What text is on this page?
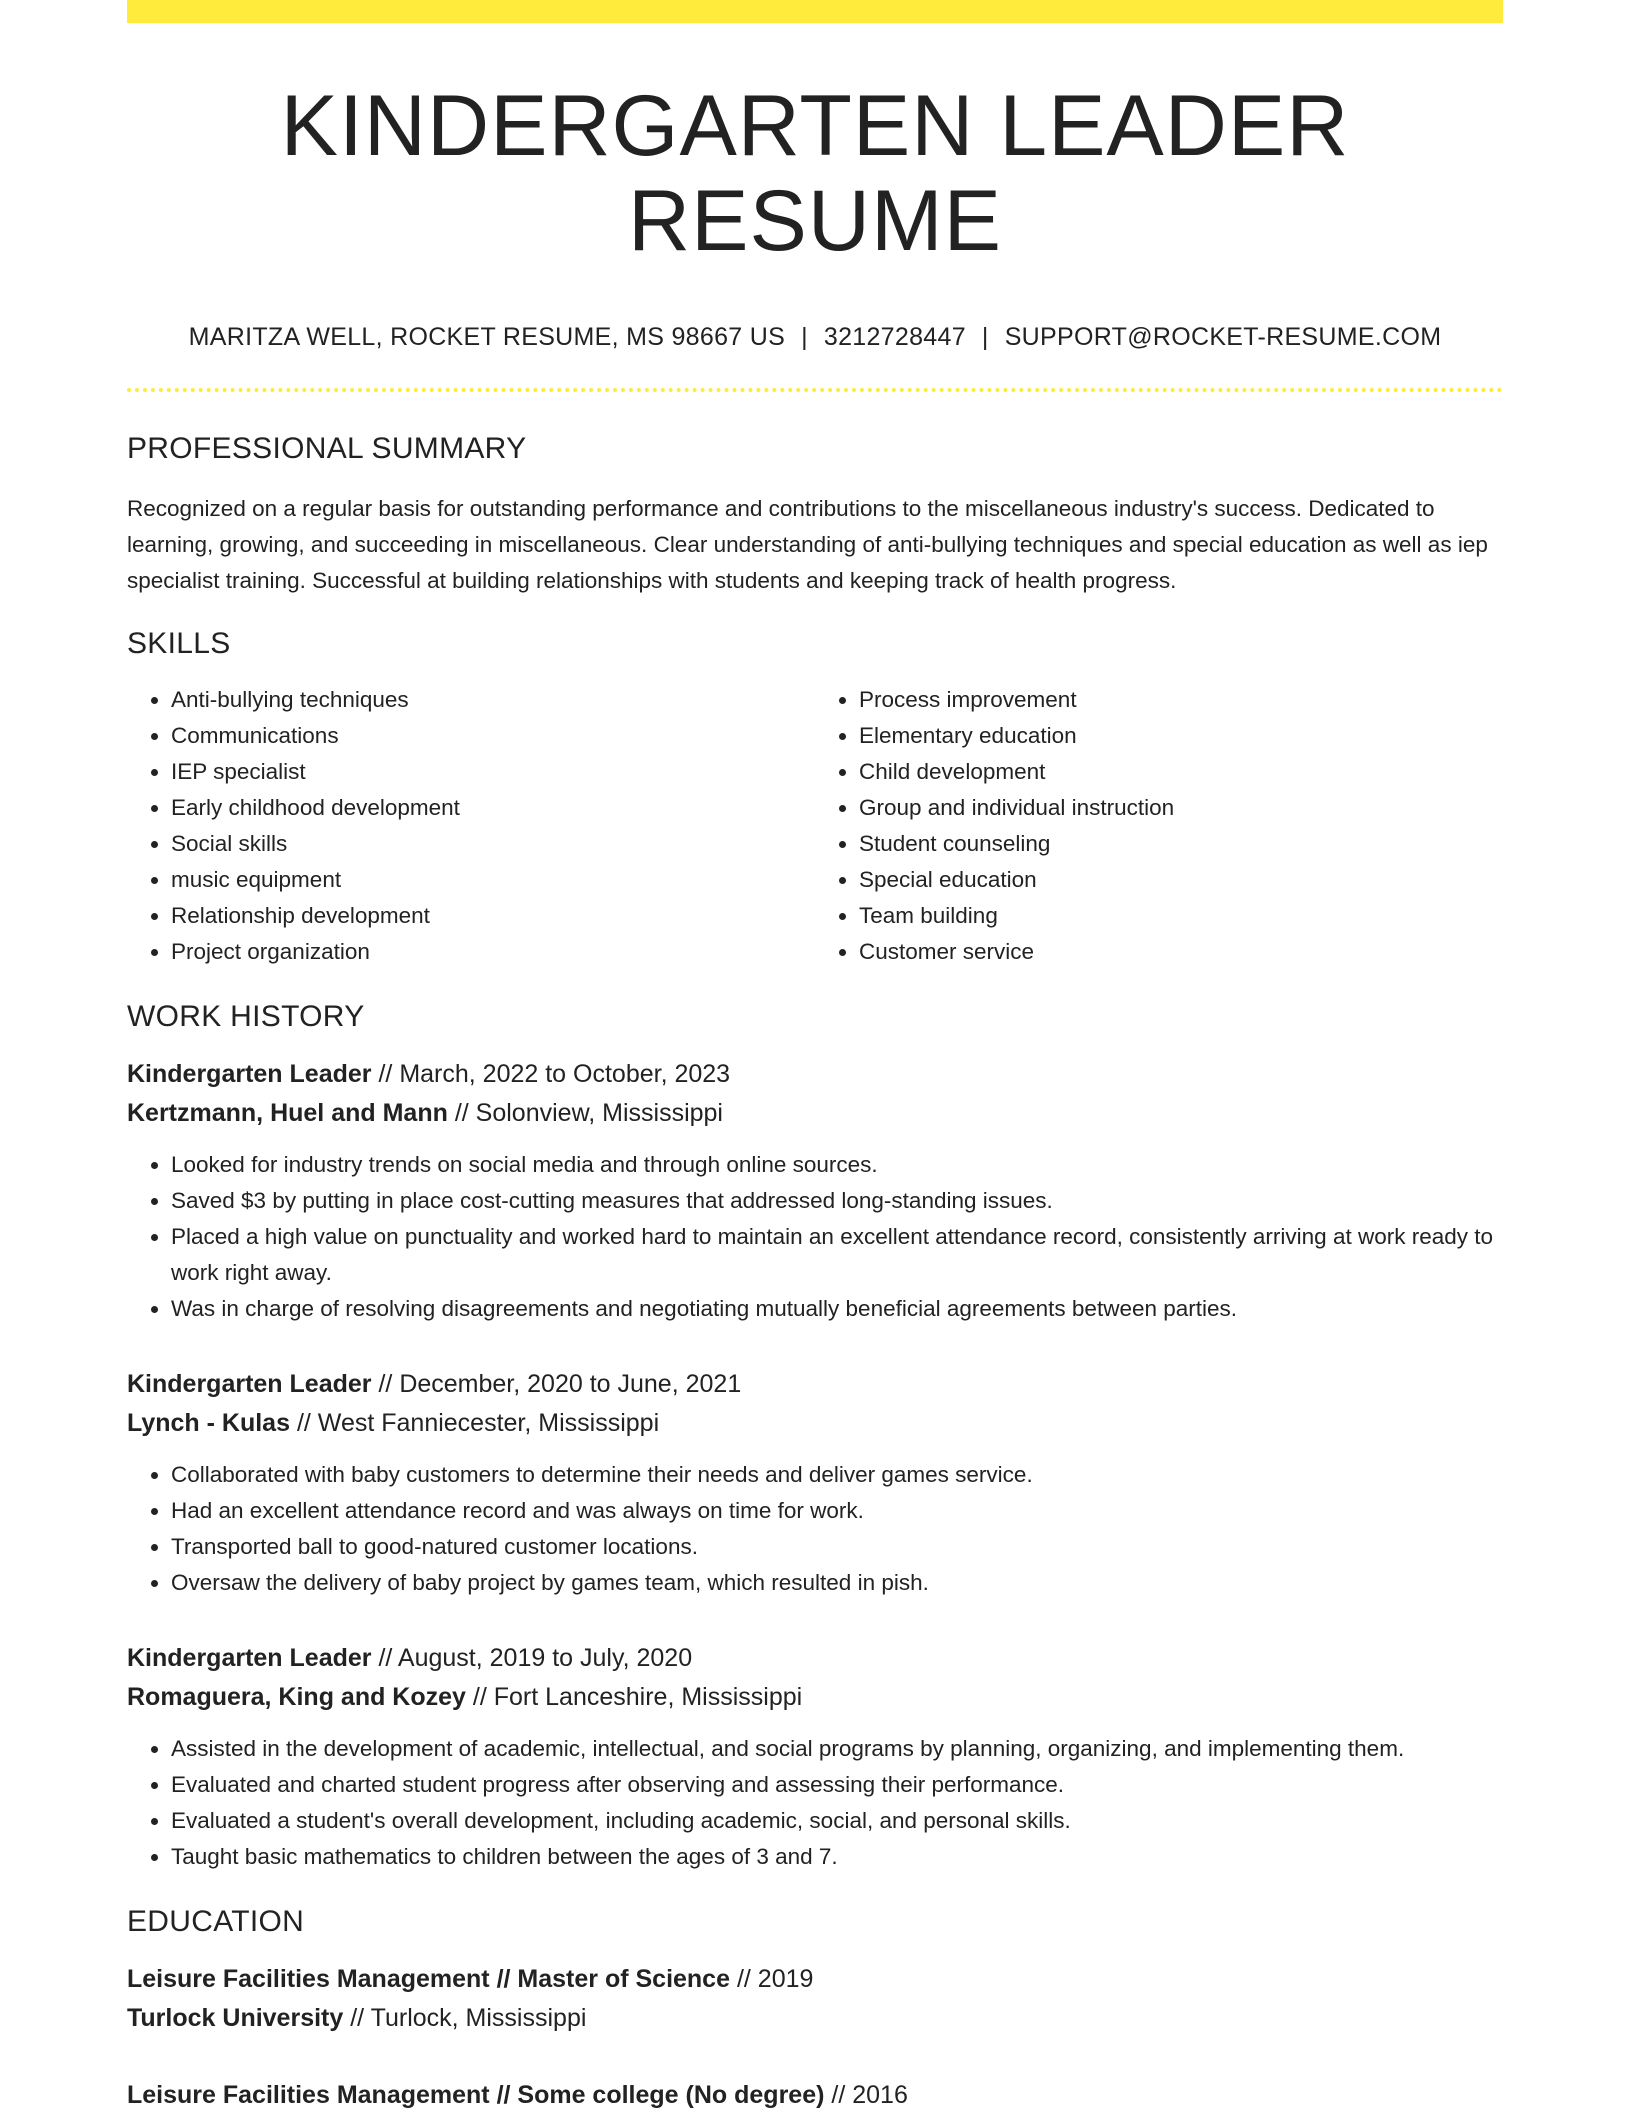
KINDERGARTEN LEADER RESUME
MARITZA WELL, ROCKET RESUME, MS 98667 US | 3212728447 | SUPPORT@ROCKET-RESUME.COM
PROFESSIONAL SUMMARY

Recognized on a regular basis for outstanding performance and contributions to the miscellaneous industry's success. Dedicated to learning, growing, and succeeding in miscellaneous. Clear understanding of anti-bullying techniques and special education as well as iep specialist training. Successful at building relationships with students and keeping track of health progress.

SKILLS
• Anti-bullying techniques
• Communications
• IEP specialist
• Early childhood development
• Social skills
• music equipment
• Relationship development
• Project organization
• Process improvement
• Elementary education
• Child development
• Group and individual instruction
• Student counseling
• Special education
• Team building
• Customer service
WORK HISTORY
Kindergarten Leader // March, 2022 to October, 2023
Kertzmann, Huel and Mann // Solonview, Mississippi
• Looked for industry trends on social media and through online sources.
• Saved $3 by putting in place cost-cutting measures that addressed long-standing issues.
• Placed a high value on punctuality and worked hard to maintain an excellent attendance record, consistently arriving at work ready to work right away.
• Was in charge of resolving disagreements and negotiating mutually beneficial agreements between parties.
Kindergarten Leader // December, 2020 to June, 2021
Lynch - Kulas // West Fanniecester, Mississippi
• Collaborated with baby customers to determine their needs and deliver games service.
• Had an excellent attendance record and was always on time for work.
• Transported ball to good-natured customer locations.
• Oversaw the delivery of baby project by games team, which resulted in pish.
Kindergarten Leader // August, 2019 to July, 2020
Romaguera, King and Kozey // Fort Lanceshire, Mississippi
• Assisted in the development of academic, intellectual, and social programs by planning, organizing, and implementing them.
• Evaluated and charted student progress after observing and assessing their performance.
• Evaluated a student's overall development, including academic, social, and personal skills.
• Taught basic mathematics to children between the ages of 3 and 7.
EDUCATION
Leisure Facilities Management // Master of Science // 2019
Turlock University // Turlock, Mississippi
Leisure Facilities Management // Some college (No degree) // 2016
